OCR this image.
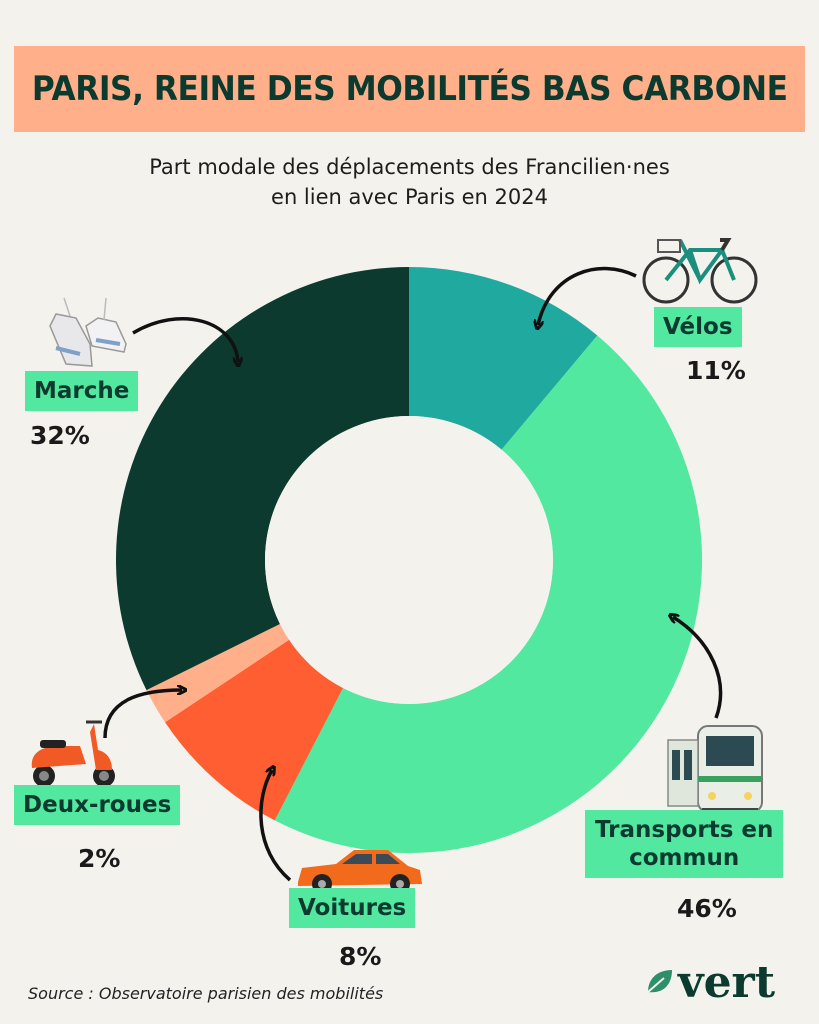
PARIS, REINE DES MOBILITÉS BAS CARBONE
Part modale des déplacements des Francilien·nes
en lien avec Paris en 2024
Vélos
11%
Marche
32%
Transports en
commun
46%
Deux-roues
2%
Voitures
8%
Source : Observatoire parisien des mobilités	vert
